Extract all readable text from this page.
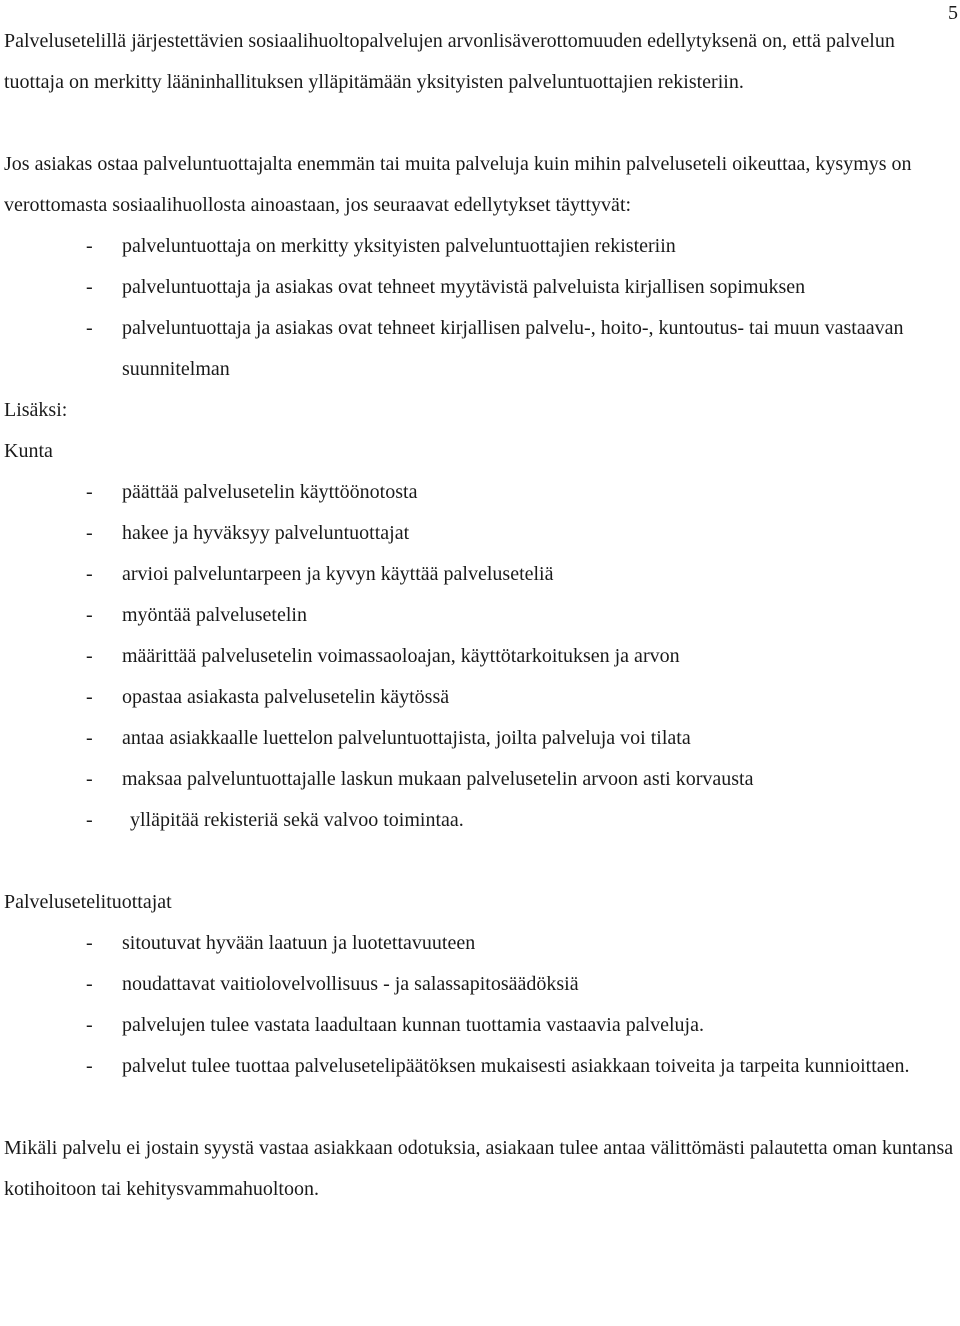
5

Palvelusetelillä järjestettävien sosiaalihuoltopalvelujen arvonlisäverottomuuden edellytyksenä on, että palvelun tuottaja on merkitty lääninhallituksen ylläpitämään yksityisten palveluntuottajien rekisteriin.

Jos asiakas ostaa palveluntuottajalta enemmän tai muita palveluja kuin mihin palveluseteli oikeuttaa, kysymys on verottomasta sosiaalihuollosta ainoastaan, jos seuraavat edellytykset täyttyvät:

- palveluntuottaja on merkitty yksityisten palveluntuottajien rekisteriin
- palveluntuottaja ja asiakas ovat tehneet myytävistä palveluista kirjallisen sopimuksen
- palveluntuottaja ja asiakas ovat tehneet kirjallisen palvelu-, hoito-, kuntoutus- tai muun vastaavan suunnitelman

Lisäksi:

Kunta

- päättää palvelusetelin käyttöönotosta
- hakee ja hyväksyy palveluntuottajat
- arvioi palveluntarpeen ja kyvyn käyttää palveluseteliä
- myöntää palvelusetelin
- määrittää palvelusetelin voimassaoloajan, käyttötarkoituksen ja arvon
- opastaa asiakasta palvelusetelin käytössä
- antaa asiakkaalle luettelon palveluntuottajista, joilta palveluja voi tilata
- maksaa palveluntuottajalle laskun mukaan palvelusetelin arvoon asti korvausta
- ylläpitää rekisteriä sekä valvoo toimintaa.

Palvelusetelituottajat

- sitoutuvat hyvään laatuun ja luotettavuuteen
- noudattavat vaitiolovelvollisuus - ja salassapitosäädöksiä
- palvelujen tulee vastata laadultaan kunnan tuottamia vastaavia palveluja.
- palvelut tulee tuottaa palvelusetelipäätöksen mukaisesti asiakkaan toiveita ja tarpeita kunnioittaen.

Mikäli palvelu ei jostain syystä vastaa asiakkaan odotuksia, asiakaan tulee antaa välittömästi palautetta oman kuntansa kotihoitoon tai kehitysvammahuoltoon.
